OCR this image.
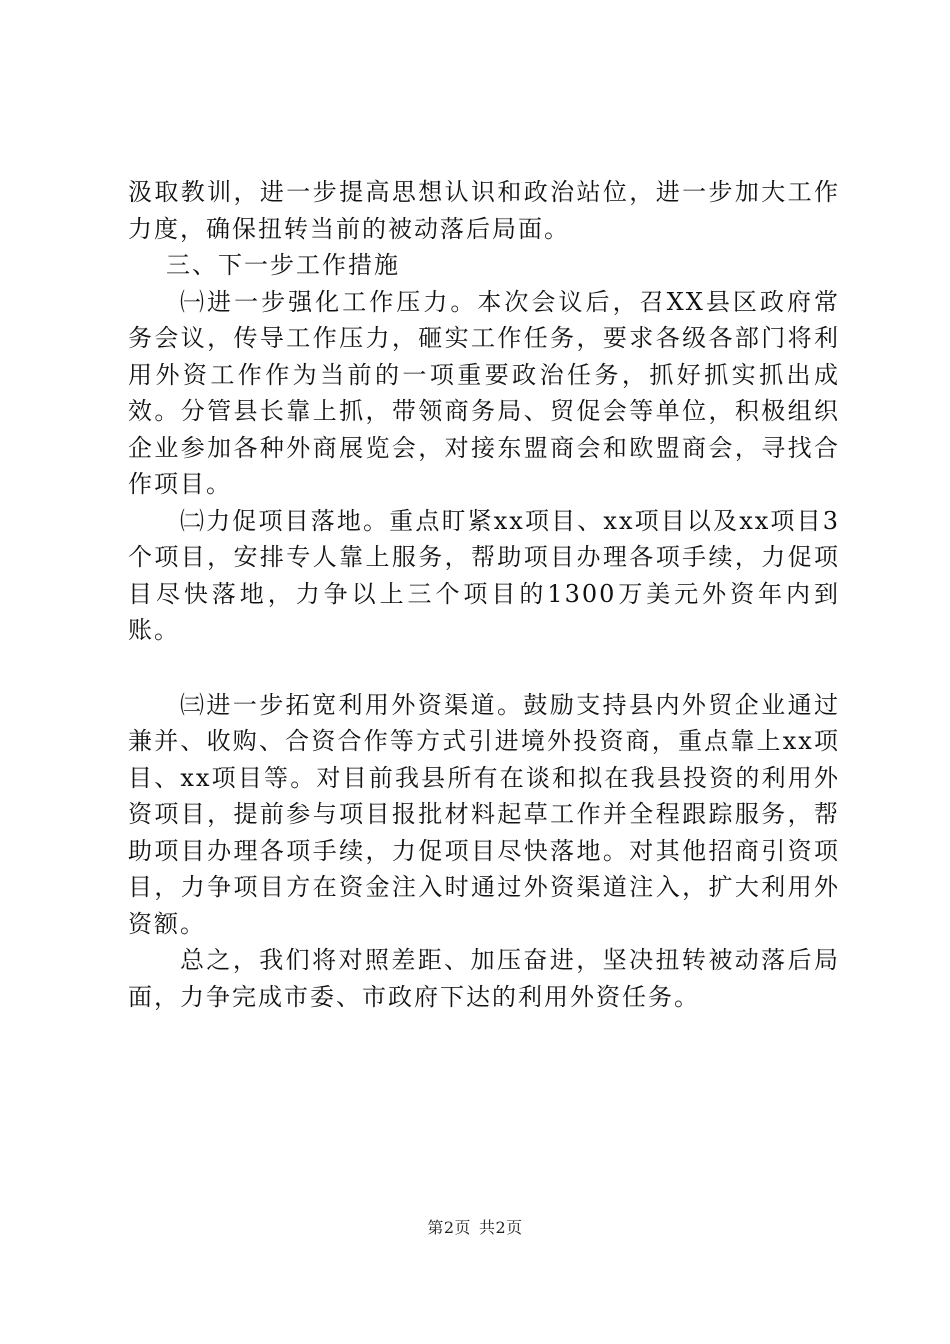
汲取教训，进一步提高思想认识和政治站位，进一步加大工作力度，确保扭转当前的被动落后局面。

三、下一步工作措施

㈠进一步强化工作压力。本次会议后，召XX县区政府常务会议，传导工作压力，砸实工作任务，要求各级各部门将利用外资工作作为当前的一项重要政治任务，抓好抓实抓出成效。分管县长靠上抓，带领商务局、贸促会等单位，积极组织企业参加各种外商展览会，对接东盟商会和欧盟商会，寻找合作项目。

㈡力促项目落地。重点盯紧xx项目、xx项目以及xx项目3个项目，安排专人靠上服务，帮助项目办理各项手续，力促项目尽快落地，力争以上三个项目的1300万美元外资年内到账。

㈢进一步拓宽利用外资渠道。鼓励支持县内外贸企业通过兼并、收购、合资合作等方式引进境外投资商，重点靠上xx项目、xx项目等。对目前我县所有在谈和拟在我县投资的利用外资项目，提前参与项目报批材料起草工作并全程跟踪服务，帮助项目办理各项手续，力促项目尽快落地。对其他招商引资项目，力争项目方在资金注入时通过外资渠道注入，扩大利用外资额。

总之，我们将对照差距、加压奋进，坚决扭转被动落后局面，力争完成市委、市政府下达的利用外资任务。

第2页 共2页
